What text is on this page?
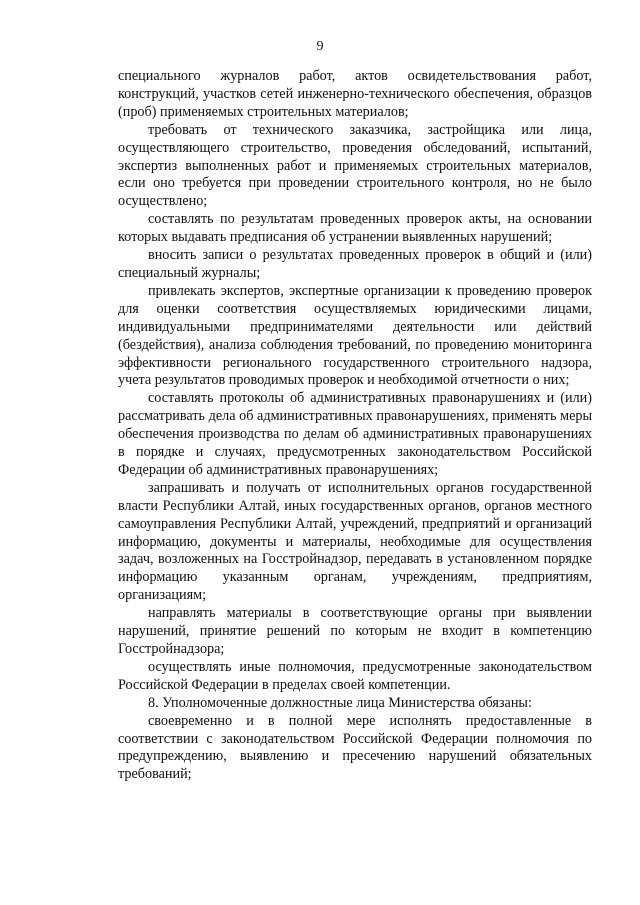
9

специального журналов работ, актов освидетельствования работ, конструкций, участков сетей инженерно-технического обеспечения, образцов (проб) применяемых строительных материалов;

требовать от технического заказчика, застройщика или лица, осуществляющего строительство, проведения обследований, испытаний, экспертиз выполненных работ и применяемых строительных материалов, если оно требуется при проведении строительного контроля, но не было осуществлено;

составлять по результатам проведенных проверок акты, на основании которых выдавать предписания об устранении выявленных нарушений;

вносить записи о результатах проведенных проверок в общий и (или) специальный журналы;

привлекать экспертов, экспертные организации к проведению проверок для оценки соответствия осуществляемых юридическими лицами, индивидуальными предпринимателями деятельности или действий (бездействия), анализа соблюдения требований, по проведению мониторинга эффективности регионального государственного строительного надзора, учета результатов проводимых проверок и необходимой отчетности о них;

составлять протоколы об административных правонарушениях и (или) рассматривать дела об административных правонарушениях, применять меры обеспечения производства по делам об административных правонарушениях в порядке и случаях, предусмотренных законодательством Российской Федерации об административных правонарушениях;

запрашивать и получать от исполнительных органов государственной власти Республики Алтай, иных государственных органов, органов местного самоуправления Республики Алтай, учреждений, предприятий и организаций информацию, документы и материалы, необходимые для осуществления задач, возложенных на Госстройнадзор, передавать в установленном порядке информацию указанным органам, учреждениям, предприятиям, организациям;

направлять материалы в соответствующие органы при выявлении нарушений, принятие решений по которым не входит в компетенцию Госстройнадзора;

осуществлять иные полномочия, предусмотренные законодательством Российской Федерации в пределах своей компетенции.

8. Уполномоченные должностные лица Министерства обязаны:

своевременно и в полной мере исполнять предоставленные в соответствии с законодательством Российской Федерации полномочия по предупреждению, выявлению и пресечению нарушений обязательных требований;
